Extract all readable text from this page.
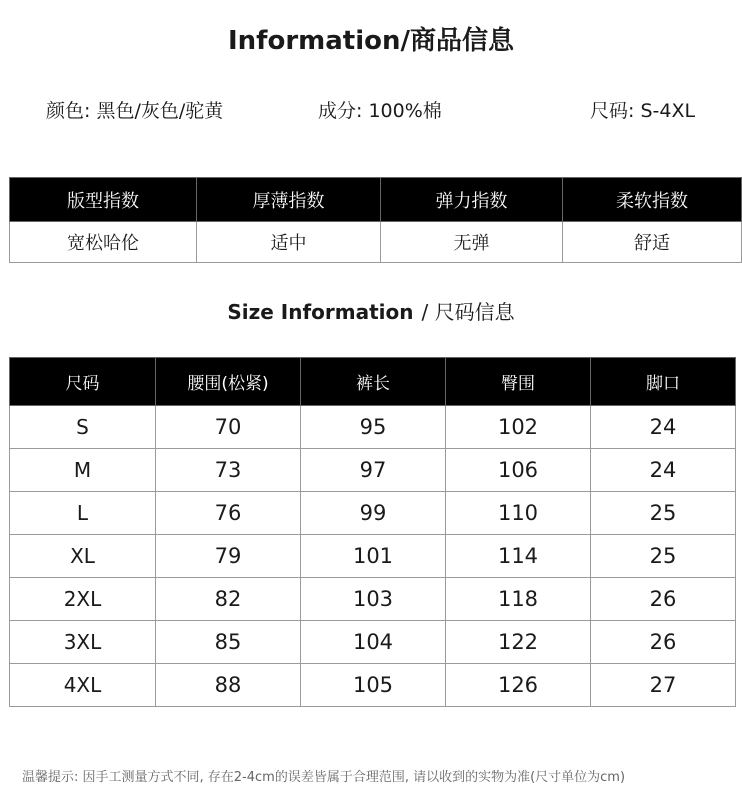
Information/商品信息
颜色: 黑色/灰色/驼黄	成分: 100%棉	尺码: S-4XL
版型指数	厚薄指数	弹力指数	柔软指数
宽松哈伦	适中	无弹	舒适
Size Information / 尺码信息
尺码	腰围(松紧)	裤长	臀围	脚口
S	70	95	102	24
M	73	97	106	24
L	76	99	110	25
XL	79	101	114	25
2XL	82	103	118	26
3XL	85	104	122	26
4XL	88	105	126	27
温馨提示: 因手工测量方式不同, 存在2-4cm的误差皆属于合理范围, 请以收到的实物为准(尺寸单位为cm)
